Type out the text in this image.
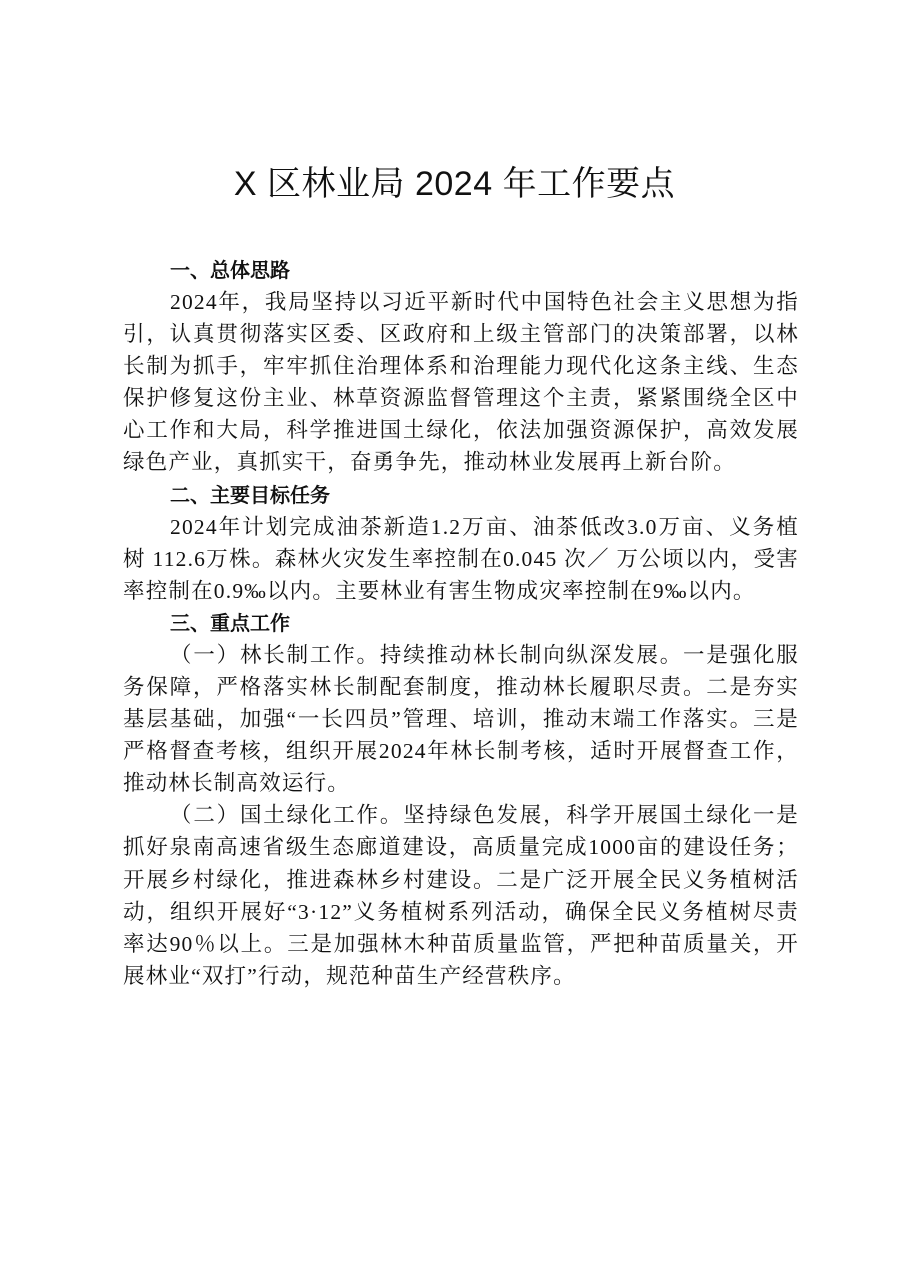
X 区林业局 2024 年工作要点
一、总体思路

2024年，我局坚持以习近平新时代中国特色社会主义思想为指引，认真贯彻落实区委、区政府和上级主管部门的决策部署，以林长制为抓手，牢牢抓住治理体系和治理能力现代化这条主线、生态保护修复这份主业、林草资源监督管理这个主责，紧紧围绕全区中心工作和大局，科学推进国土绿化，依法加强资源保护，高效发展绿色产业，真抓实干，奋勇争先，推动林业发展再上新台阶。

二、主要目标任务

2024年计划完成油茶新造1.2万亩、油茶低改3.0万亩、义务植树 112.6万株。森林火灾发生率控制在0.045 次／ 万公顷以内，受害率控制在0.9‰以内。主要林业有害生物成灾率控制在9‰以内。

三、重点工作

（一）林长制工作。持续推动林长制向纵深发展。一是强化服务保障，严格落实林长制配套制度，推动林长履职尽责。二是夯实基层基础，加强“一长四员”管理、培训，推动末端工作落实。三是严格督查考核，组织开展2024年林长制考核，适时开展督查工作，推动林长制高效运行。

（二）国土绿化工作。坚持绿色发展，科学开展国土绿化一是抓好泉南高速省级生态廊道建设，高质量完成1000亩的建设任务；开展乡村绿化，推进森林乡村建设。二是广泛开展全民义务植树活动，组织开展好“3·12”义务植树系列活动，确保全民义务植树尽责率达90％以上。三是加强林木种苗质量监管，严把种苗质量关，开展林业“双打”行动，规范种苗生产经营秩序。
